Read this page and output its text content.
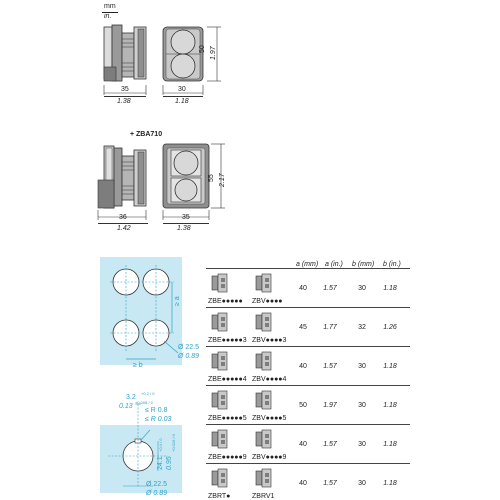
mm
in.
35
1.38
30
1.18
50 1.97
+ ZBA710
36
1.42
35
1.38
55 2.17
≥ a
≥ b
Ø 22.5
Ø 0.89
3.2
+0.2 / 0
0.13
+0.008 / 0
≤ R 0.8
≤ R 0.03
24.1
+0.4 / 0
0.95
+0.016 / 0
Ø 22.5
Ø 0.89
a (mm) a (in.) b (mm) b (in.)
ZBE●●●●● ZBV●●●●
40	1.57	30	1.18
ZBE●●●●●3 ZBV●●●●3
45	1.77	32	1.26
ZBE●●●●●4 ZBV●●●●4
40	1.57	30	1.18
ZBE●●●●●5 ZBV●●●●5
50	1.97	30	1.18
ZBE●●●●●9 ZBV●●●●9
40	1.57	30	1.18
ZBRT●	ZBRV1
40	1.57	30	1.18
